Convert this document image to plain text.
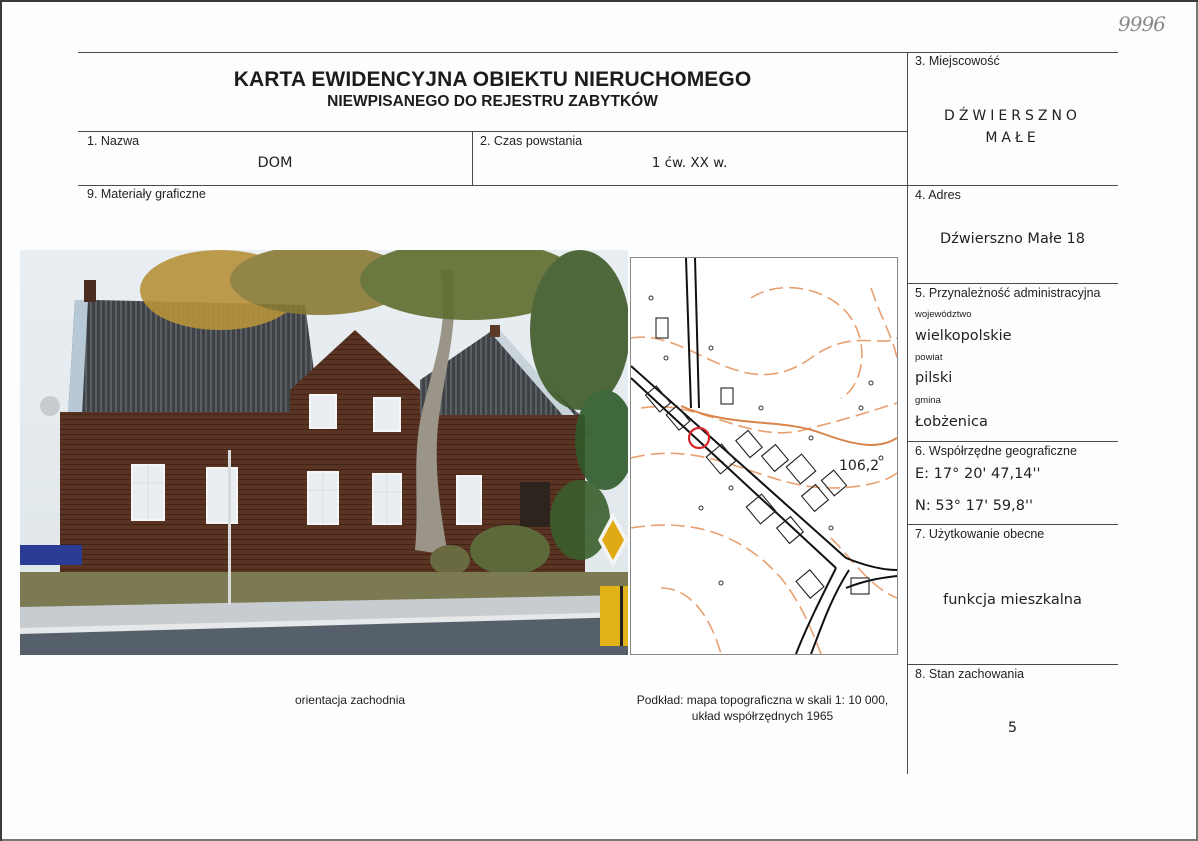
9996
KARTA EWIDENCYJNA OBIEKTU NIERUCHOMEGO
NIEWPISANEGO DO REJESTRU ZABYTKÓW
1. Nazwa
DOM
2. Czas powstania
1 ćw. XX w.
3. Miejscowość
DŹWIERSZNO
MAŁE
9. Materiały graficzne	4. Adres
Dźwierszno Małe 18
5. Przynależność administracyjna
województwo
wielkopolskie
powiat
pilski
gmina
Łobżenica
6. Współrzędne geograficzne
E: 17° 20' 47,14''
N: 53° 17' 59,8''
7. Użytkowanie obecne
funkcja mieszkalna
8. Stan zachowania
5
106,2
orientacja zachodnia	Podkład: mapa topograficzna w skali 1: 10 000,
układ współrzędnych 1965
